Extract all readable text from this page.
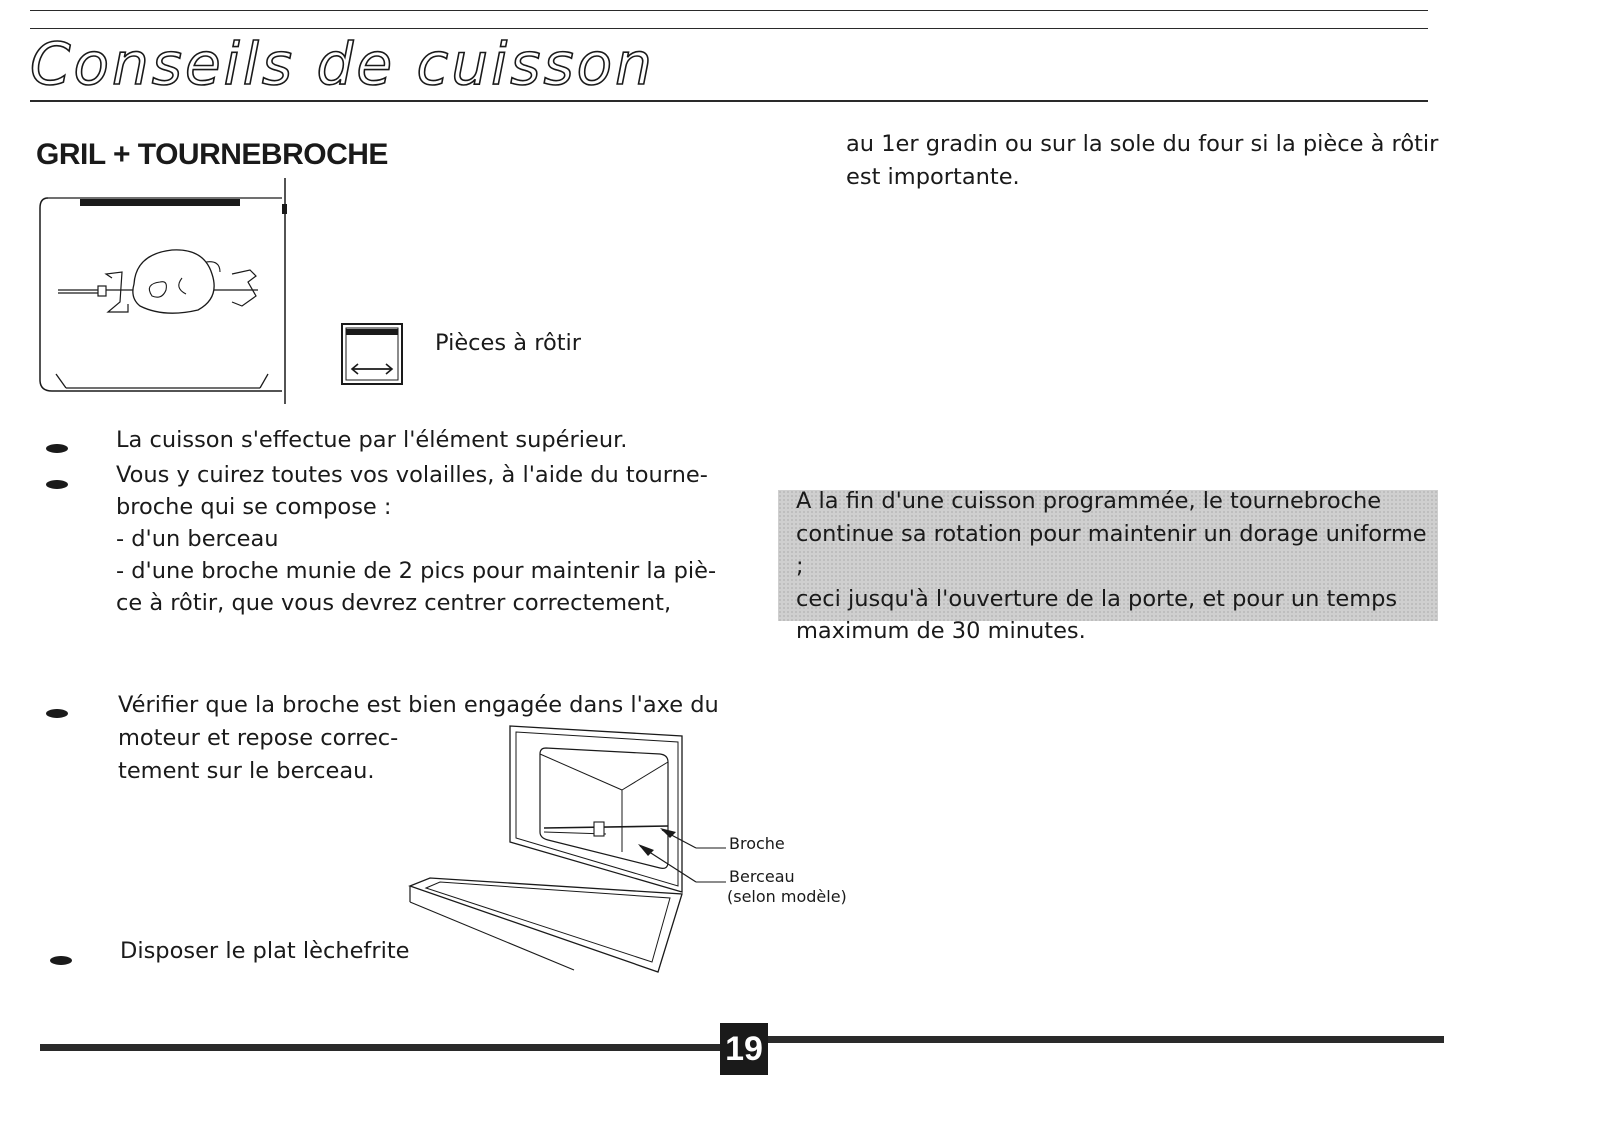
Conseils de cuisson
GRIL + TOURNEBROCHE
Pièces à rôtir
La cuisson s'effectue par l'élément supérieur.
Vous y cuirez toutes vos volailles, à l'aide du tourne-
broche qui se compose :
- d'un berceau
- d'une broche munie de 2 pics pour maintenir la piè-
ce à rôtir, que vous devrez centrer correctement,
Vérifier que la broche est bien engagée dans l'axe du
moteur et repose correc-
tement sur le berceau.
Disposer le plat lèchefrite
Broche
Berceau
(selon modèle)
au 1er gradin ou sur la sole du four si la pièce à rôtir
est importante.
A la fin d'une cuisson programmée, le tournebroche
continue sa rotation pour maintenir un dorage uniforme ;
ceci jusqu'à l'ouverture de la porte, et pour un temps
maximum de 30 minutes.
19
